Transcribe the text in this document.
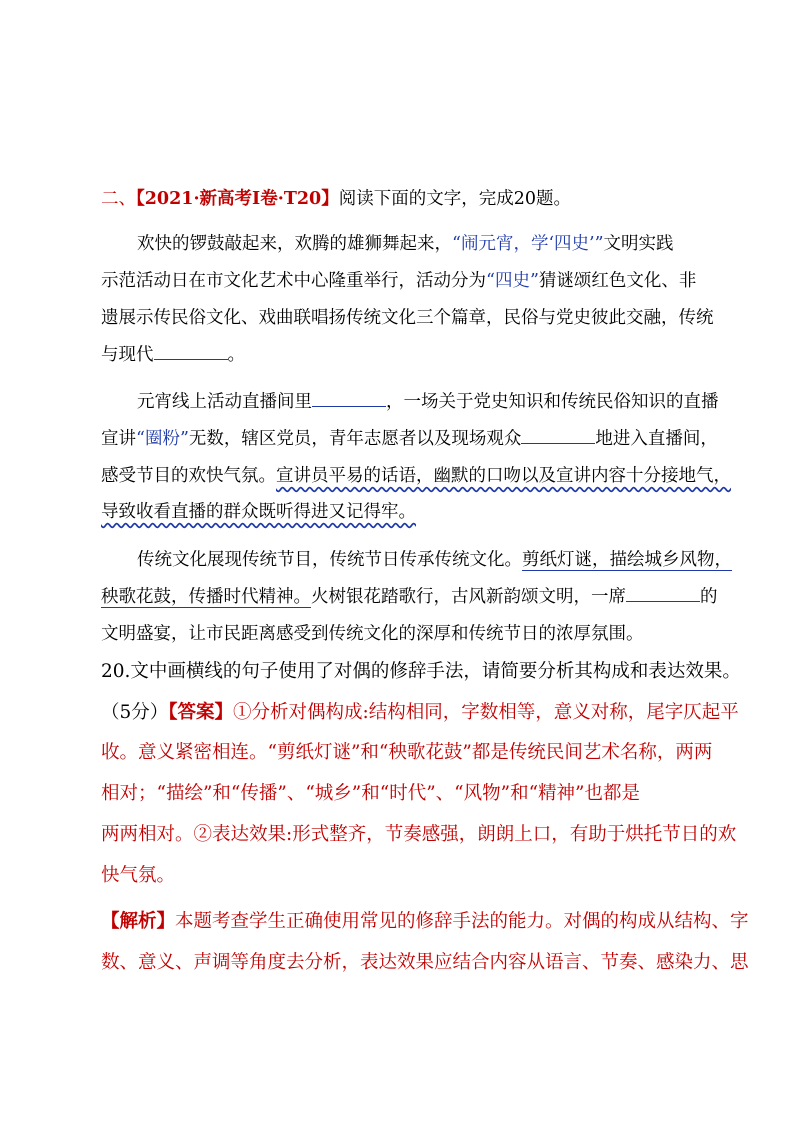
二、【2021·新高考Ⅰ卷·T20】阅读下面的文字，完成20题。
欢快的锣鼓敲起来，欢腾的雄狮舞起来，“闹元宵，学‘四史’”文明实践
示范活动日在市文化艺术中心隆重举行，活动分为“四史”猜谜颂红色文化、非
遗展示传民俗文化、戏曲联唱扬传统文化三个篇章，民俗与党史彼此交融，传统
与现代	。
元宵线上活动直播间里	，一场关于党史知识和传统民俗知识的直播
宣讲“圈粉”无数，辖区党员，青年志愿者以及现场观众	地进入直播间，
感受节目的欢快气氛。宣讲员平易的话语，幽默的口吻以及宣讲内容十分接地气，
导致收看直播的群众既听得进又记得牢。
传统文化展现传统节目，传统节日传承传统文化。剪纸灯谜，描绘城乡风物，
秧歌花鼓，传播时代精神。火树银花踏歌行，古风新韵颂文明，一席	的
文明盛宴，让市民距离感受到传统文化的深厚和传统节日的浓厚氛围。
20.文中画横线的句子使用了对偶的修辞手法，请简要分析其构成和表达效果。
（5分）【答案】①分析对偶构成:结构相同，字数相等，意义对称，尾字仄起平
收。意义紧密相连。“剪纸灯谜”和“秧歌花鼓”都是传统民间艺术名称，两两
相对；“描绘”和“传播”、“城乡”和“时代”、“风物”和“精神”也都是
两两相对。②表达效果:形式整齐，节奏感强，朗朗上口，有助于烘托节日的欢
快气氛。
【解析】本题考查学生正确使用常见的修辞手法的能力。对偶的构成从结构、字
数、意义、声调等角度去分析，表达效果应结合内容从语言、节奏、感染力、思
